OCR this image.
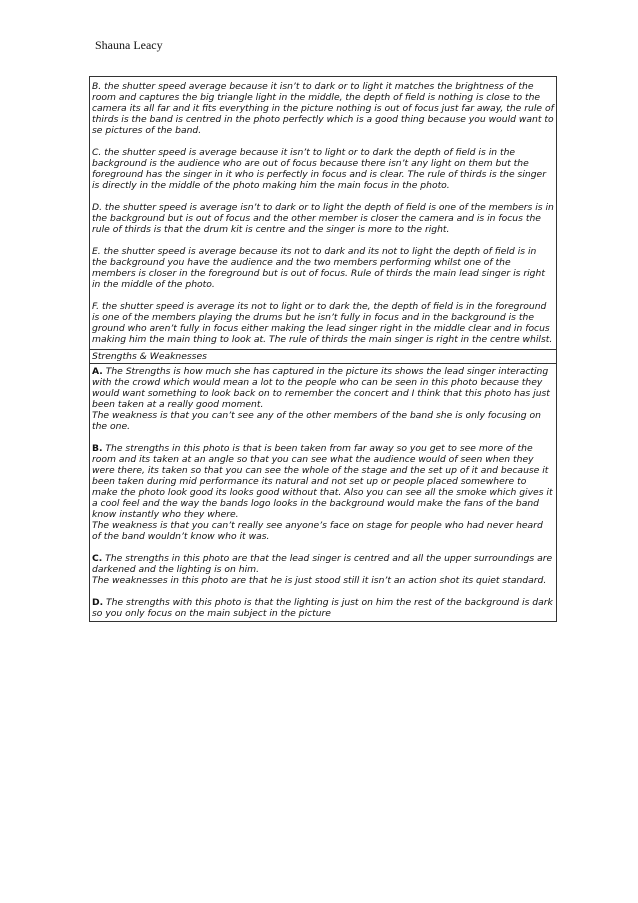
Shauna Leacy

B. the shutter speed average because it isn’t to dark or to light it matches the brightness of the room and captures the big triangle light in the middle, the depth of field is nothing is close to the camera its all far and it fits everything in the picture nothing is out of focus just far away, the rule of thirds is the band is centred in the photo perfectly which is a good thing because you would want to se pictures of the band.

C. the shutter speed is average because it isn’t to light or to dark the depth of field is in the background is the audience who are out of focus because there isn’t any light on them but the foreground has the singer in it who is perfectly in focus and is clear. The rule of thirds is the singer is directly in the middle of the photo making him the main focus in the photo.

D. the shutter speed is average isn’t to dark or to light the depth of field is one of the members is in the background but is out of focus and the other member is closer the camera and is in focus the rule of thirds is that the drum kit is centre and the singer is more to the right.

E. the shutter speed is average because its not to dark and its not to light the depth of field is in the background you have the audience and the two members performing whilst one of the members is closer in the foreground but is out of focus. Rule of thirds the main lead singer is right in the middle of the photo.

F. the shutter speed is average its not to light or to dark the, the depth of field is in the foreground is one of the members playing the drums but he isn’t fully in focus and in the background is the ground who aren’t fully in focus either making the lead singer right in the middle clear and in focus making him the main thing to look at. The rule of thirds the main singer is right in the centre whilst.

Strengths & Weaknesses
A. The Strengths is how much she has captured in the picture its shows the lead singer interacting with the crowd which would mean a lot to the people who can be seen in this photo because they would want something to look back on to remember the concert and I think that this photo has just been taken at a really good moment.
The weakness is that you can’t see any of the other members of the band she is only focusing on the one.
B. The strengths in this photo is that is been taken from far away so you get to see more of the room and its taken at an angle so that you can see what the audience would of seen when they were there, its taken so that you can see the whole of the stage and the set up of it and because it been taken during mid performance its natural and not set up or people placed somewhere to make the photo look good its looks good without that. Also you can see all the smoke which gives it a cool feel and the way the bands logo looks in the background would make the fans of the band know instantly who they where.
The weakness is that you can’t really see anyone’s face on stage for people who had never heard of the band wouldn’t know who it was.
C. The strengths in this photo are that the lead singer is centred and all the upper surroundings are darkened and the lighting is on him.
The weaknesses in this photo are that he is just stood still it isn’t an action shot its quiet standard.
D. The strengths with this photo is that the lighting is just on him the rest of the background is dark so you only focus on the main subject in the picture
